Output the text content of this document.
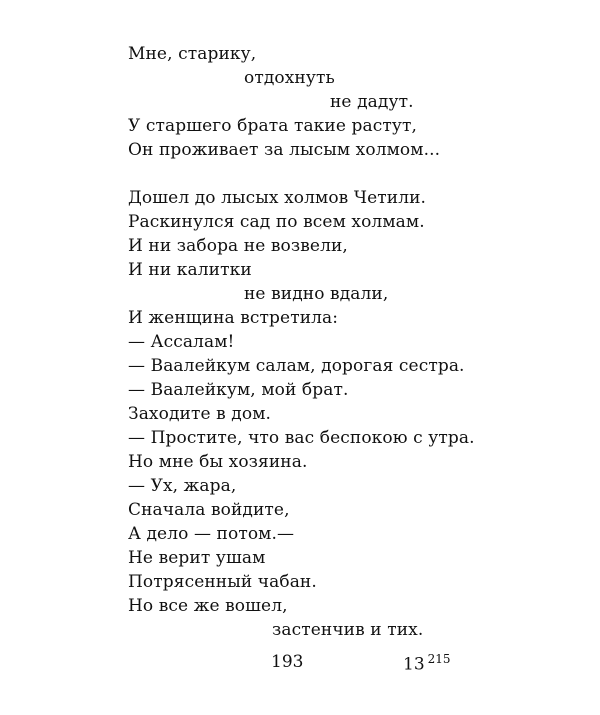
Мне, старику,
отдохнуть
не дадут.
У старшего брата такие растут,
Он проживает за лысым холмом...
Дошел до лысых холмов Четили.
Раскинулся сад по всем холмам.
И ни забора не возвели,
И ни калитки
не видно вдали,
И женщина встретила:
— Ассалам!
— Ваалейкум салам, дорогая сестра.
— Ваалейкум, мой брат.
Заходите в дом.
— Простите, что вас беспокою с утра.
Но мне бы хозяина.
— Ух, жара,
Сначала войдите,
А дело — потом.—
Не верит ушам
Потрясенный чабан.
Но все же вошел,
застенчив и тих.
193	13 $^{215}$
